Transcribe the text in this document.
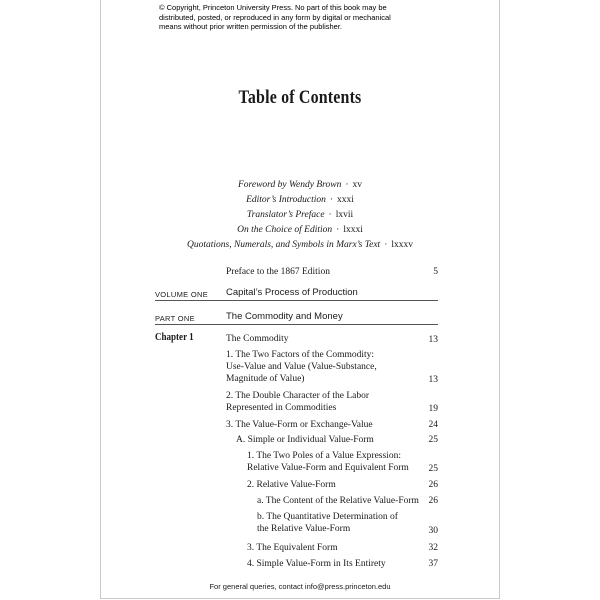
© Copyright, Princeton University Press. No part of this book may be
distributed, posted, or reproduced in any form by digital or mechanical
means without prior written permission of the publisher.
Table of Contents
Foreword by Wendy Brown · xv
Editor’s Introduction · xxxi
Translator’s Preface · lxvii
On the Choice of Edition · lxxxi
Quotations, Numerals, and Symbols in Marx’s Text · lxxxv
Preface to the 1867 Edition	5
VOLUME ONE Capital’s Process of Production
PART ONE	The Commodity and Money
Chapter 1	The Commodity	13
1. The Two Factors of the Commodity:
Use-Value and Value (Value-Substance,
Magnitude of Value)	13
2. The Double Character of the Labor
Represented in Commodities	19
3. The Value-Form or Exchange-Value	24
A. Simple or Individual Value-Form	25
1. The Two Poles of a Value Expression:
Relative Value-Form and Equivalent Form	25
2. Relative Value-Form	26
a. The Content of the Relative Value-Form	26
b. The Quantitative Determination of
the Relative Value-Form	30
3. The Equivalent Form	32
4. Simple Value-Form in Its Entirety	37
For general queries, contact info@press.princeton.edu
